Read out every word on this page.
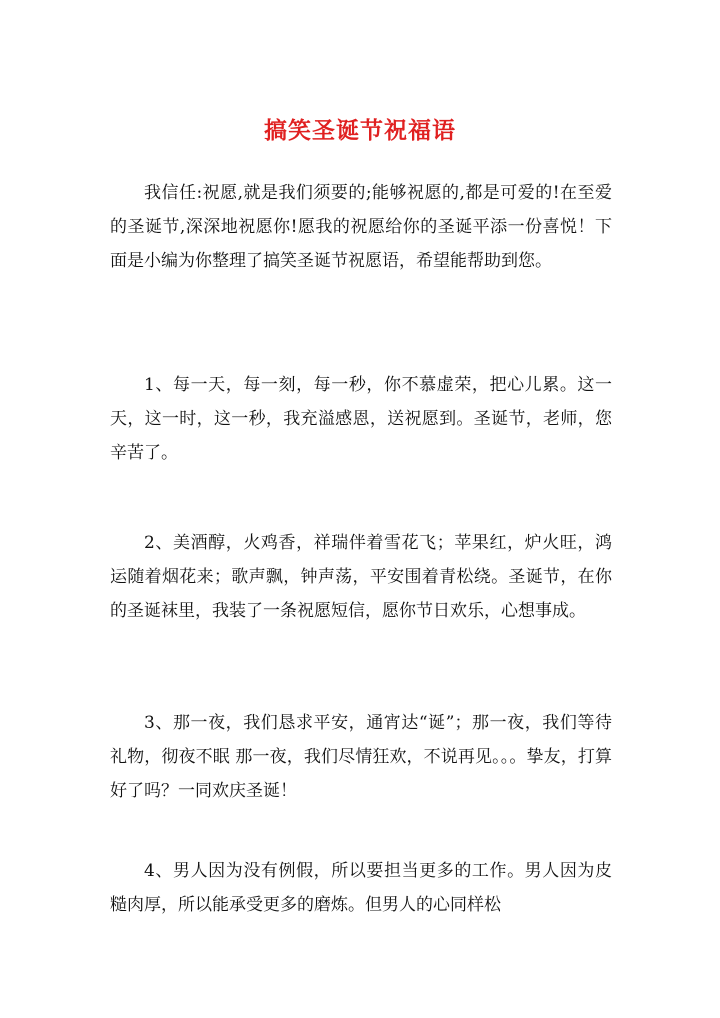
搞笑圣诞节祝福语

我信任:祝愿,就是我们须要的;能够祝愿的,都是可爱的!在至爱的圣诞节,深深地祝愿你!愿我的祝愿给你的圣诞平添一份喜悦！下面是小编为你整理了搞笑圣诞节祝愿语，希望能帮助到您。

1、每一天，每一刻，每一秒，你不慕虚荣，把心儿累。这一天，这一时，这一秒，我充溢感恩，送祝愿到。圣诞节，老师，您辛苦了。

2、美酒醇，火鸡香，祥瑞伴着雪花飞；苹果红，炉火旺，鸿运随着烟花来；歌声飘，钟声荡，平安围着青松绕。圣诞节，在你的圣诞袜里，我装了一条祝愿短信，愿你节日欢乐，心想事成。

3、那一夜，我们恳求平安，通宵达“诞”；那一夜，我们等待礼物，彻夜不眠 那一夜，我们尽情狂欢，不说再见。。。挚友，打算好了吗？一同欢庆圣诞！

4、男人因为没有例假，所以要担当更多的工作。男人因为皮糙肉厚，所以能承受更多的磨炼。但男人的心同样松
